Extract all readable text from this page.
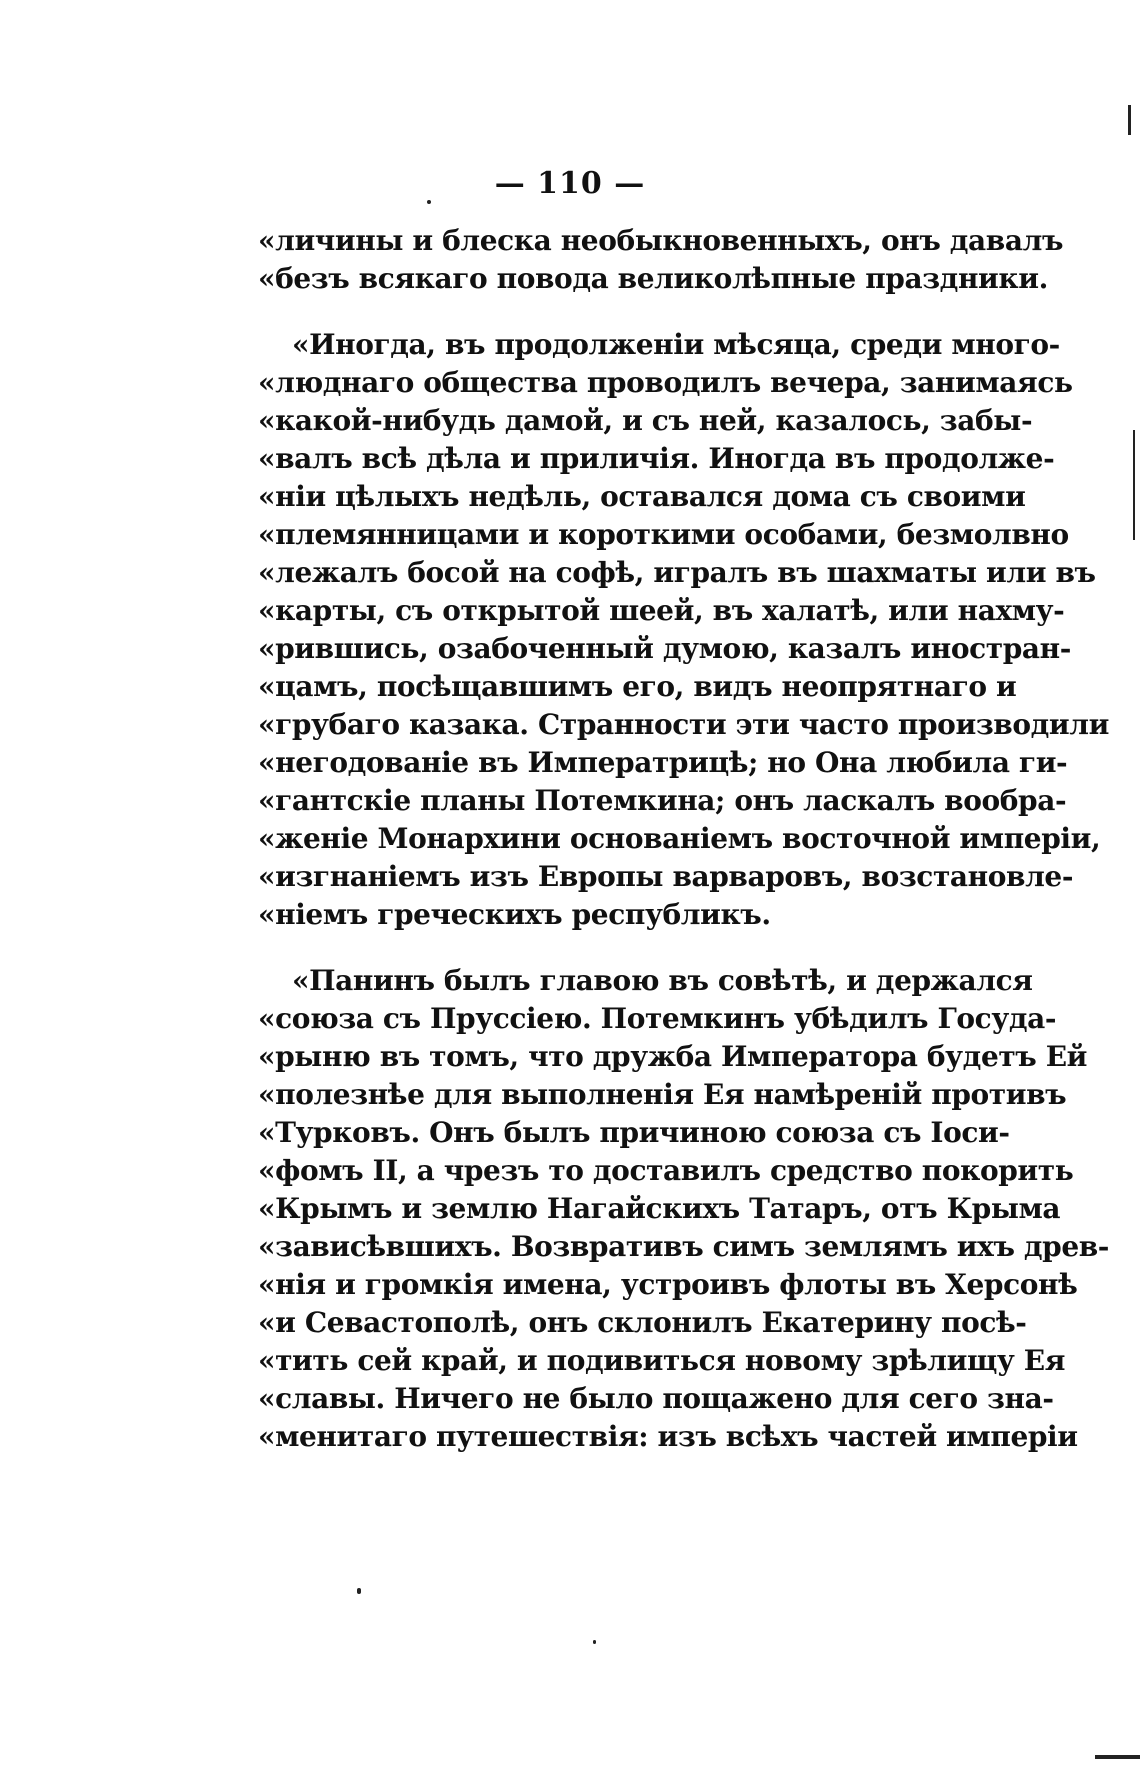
— 110 —
«личины и блеска необыкновенныхъ, онъ давалъ
«безъ всякаго повода великолѣпные праздники.
«Иногда, въ продолженіи мѣсяца, среди много-
«люднаго общества проводилъ вечера, занимаясь
«какой-нибудь дамой, и съ ней, казалось, забы-
«валъ всѣ дѣла и приличія. Иногда въ продолже-
«ніи цѣлыхъ недѣль, оставался дома съ своими
«племянницами и короткими особами, безмолвно
«лежалъ босой на софѣ, игралъ въ шахматы или въ
«карты, съ открытой шеей, въ халатѣ, или нахму-
«рившись, озабоченный думою, казалъ иностран-
«цамъ, посѣщавшимъ его, видъ неопрятнаго и
«грубаго казака. Странности эти часто производили
«негодованіе въ Императрицѣ; но Она любила ги-
«гантскіе планы Потемкина; онъ ласкалъ вообра-
«женіе Монархини основаніемъ восточной имперіи,
«изгнаніемъ изъ Европы варваровъ, возстановле-
«ніемъ греческихъ республикъ.
«Панинъ былъ главою въ совѣтѣ, и держался
«союза съ Пруссіею. Потемкинъ убѣдилъ Госуда-
«рыню въ томъ, что дружба Императора будетъ Ей
«полезнѣе для выполненія Ея намѣреній противъ
«Турковъ. Онъ былъ причиною союза съ Іоси-
«фомъ II, а чрезъ то доставилъ средство покорить
«Крымъ и землю Нагайскихъ Татаръ, отъ Крыма
«зависѣвшихъ. Возвративъ симъ землямъ ихъ древ-
«нія и громкія имена, устроивъ флоты въ Херсонѣ
«и Севастополѣ, онъ склонилъ Екатерину посѣ-
«тить сей край, и подивиться новому зрѣлищу Ея
«славы. Ничего не было пощажено для сего зна-
«менитаго путешествія: изъ всѣхъ частей имперіи
